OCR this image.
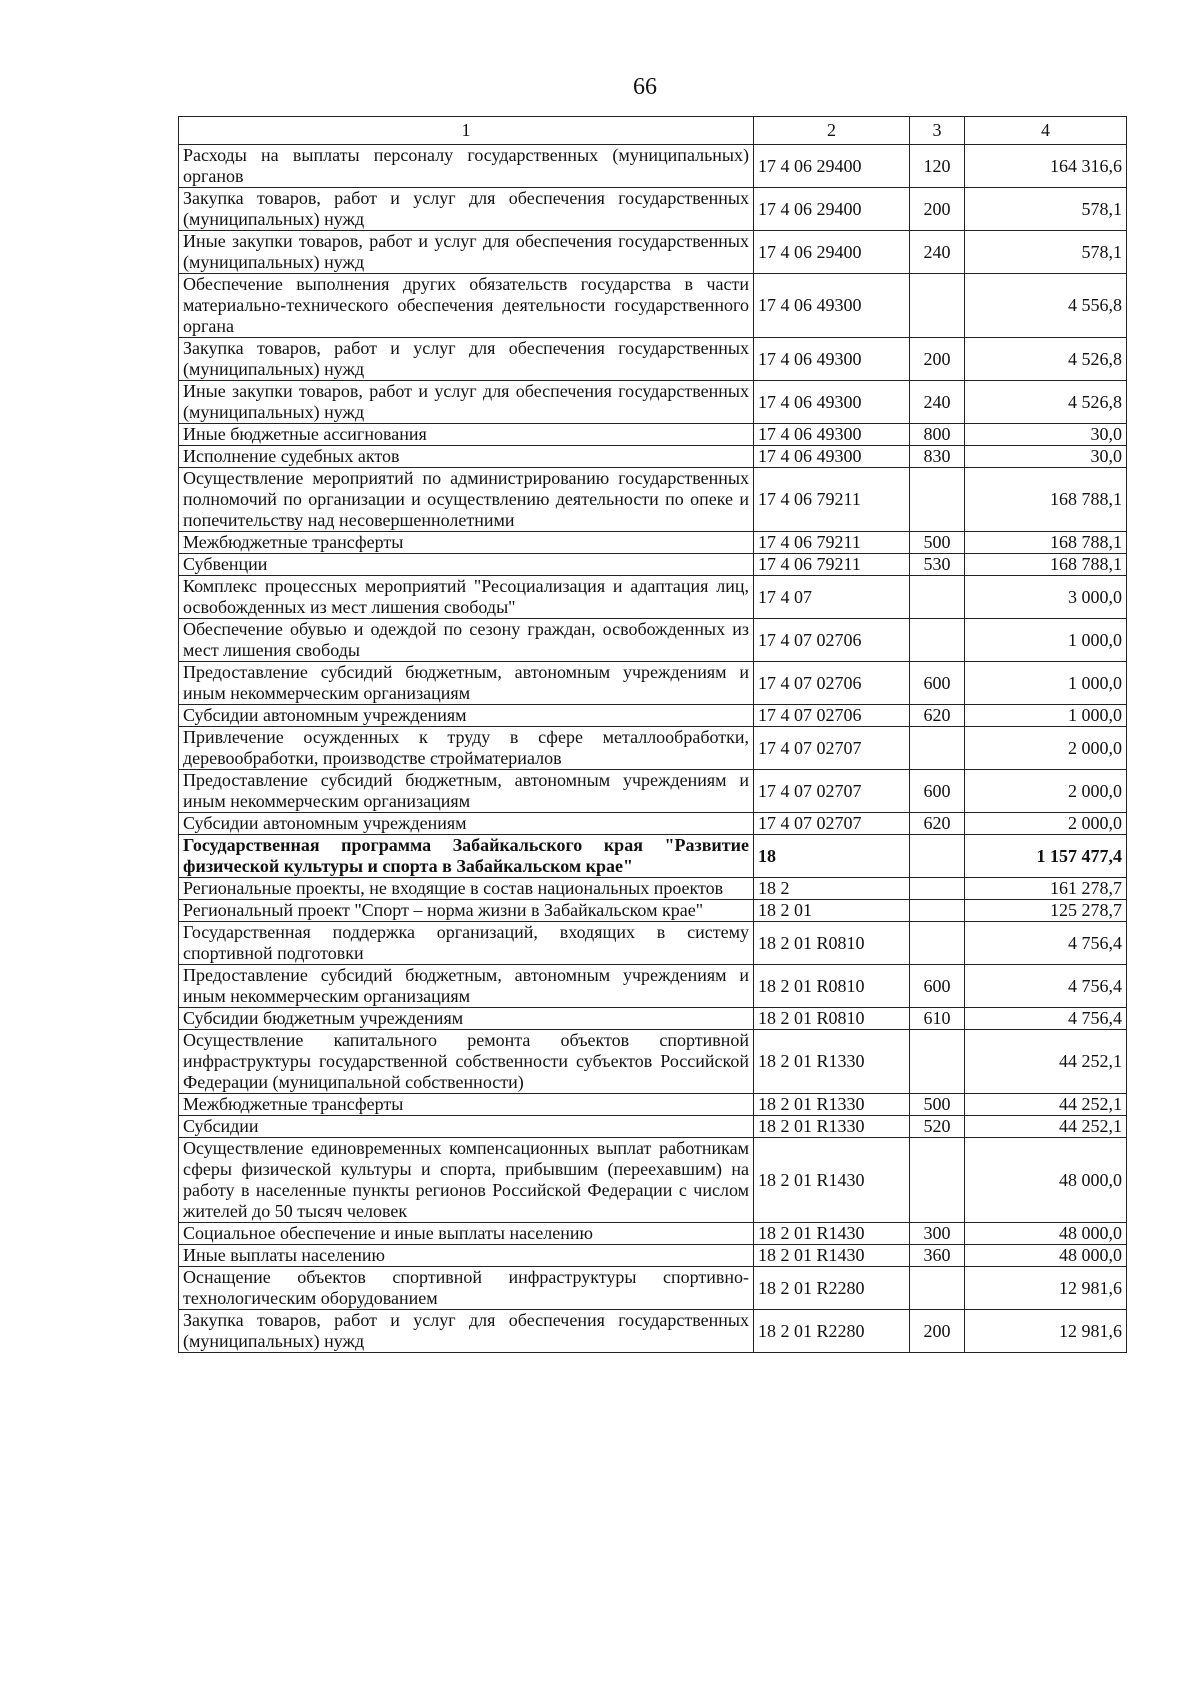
66
1	2	3	4
Расходы на выплаты персоналу государственных (муниципальных) органов	17 4 06 29400	120	164 316,6
Закупка товаров, работ и услуг для обеспечения государственных (муниципальных) нужд	17 4 06 29400	200	578,1
Иные закупки товаров, работ и услуг для обеспечения государственных (муниципальных) нужд	17 4 06 29400	240	578,1
Обеспечение выполнения других обязательств государства в части материально-технического обеспечения деятельности государственного органа	17 4 06 49300		4 556,8
Закупка товаров, работ и услуг для обеспечения государственных (муниципальных) нужд	17 4 06 49300	200	4 526,8
Иные закупки товаров, работ и услуг для обеспечения государственных (муниципальных) нужд	17 4 06 49300	240	4 526,8
Иные бюджетные ассигнования	17 4 06 49300	800	30,0
Исполнение судебных актов	17 4 06 49300	830	30,0
Осуществление мероприятий по администрированию государственных полномочий по организации и осуществлению деятельности по опеке и попечительству над несовершеннолетними	17 4 06 79211		168 788,1
Межбюджетные трансферты	17 4 06 79211	500	168 788,1
Субвенции	17 4 06 79211	530	168 788,1
Комплекс процессных мероприятий "Ресоциализация и адаптация лиц, освобожденных из мест лишения свободы"	17 4 07		3 000,0
Обеспечение обувью и одеждой по сезону граждан, освобожденных из мест лишения свободы	17 4 07 02706		1 000,0
Предоставление субсидий бюджетным, автономным учреждениям и иным некоммерческим организациям	17 4 07 02706	600	1 000,0
Субсидии автономным учреждениям	17 4 07 02706	620	1 000,0
Привлечение осужденных к труду в сфере металлообработки, деревообработки, производстве стройматериалов	17 4 07 02707		2 000,0
Предоставление субсидий бюджетным, автономным учреждениям и иным некоммерческим организациям	17 4 07 02707	600	2 000,0
Субсидии автономным учреждениям	17 4 07 02707	620	2 000,0
Государственная программа Забайкальского края "Развитие физической культуры и спорта в Забайкальском крае"	18		1 157 477,4
Региональные проекты, не входящие в состав национальных проектов	18 2		161 278,7
Региональный проект "Спорт – норма жизни в Забайкальском крае"	18 2 01		125 278,7
Государственная поддержка организаций, входящих в систему спортивной подготовки	18 2 01 R0810		4 756,4
Предоставление субсидий бюджетным, автономным учреждениям и иным некоммерческим организациям	18 2 01 R0810	600	4 756,4
Субсидии бюджетным учреждениям	18 2 01 R0810	610	4 756,4
Осуществление капитального ремонта объектов спортивной инфраструктуры государственной собственности субъектов Российской Федерации (муниципальной собственности)	18 2 01 R1330		44 252,1
Межбюджетные трансферты	18 2 01 R1330	500	44 252,1
Субсидии	18 2 01 R1330	520	44 252,1
Осуществление единовременных компенсационных выплат работникам сферы физической культуры и спорта, прибывшим (переехавшим) на работу в населенные пункты регионов Российской Федерации с числом жителей до 50 тысяч человек	18 2 01 R1430		48 000,0
Социальное обеспечение и иные выплаты населению	18 2 01 R1430	300	48 000,0
Иные выплаты населению	18 2 01 R1430	360	48 000,0
Оснащение объектов спортивной инфраструктуры спортивно-технологическим оборудованием	18 2 01 R2280		12 981,6
Закупка товаров, работ и услуг для обеспечения государственных (муниципальных) нужд	18 2 01 R2280	200	12 981,6
